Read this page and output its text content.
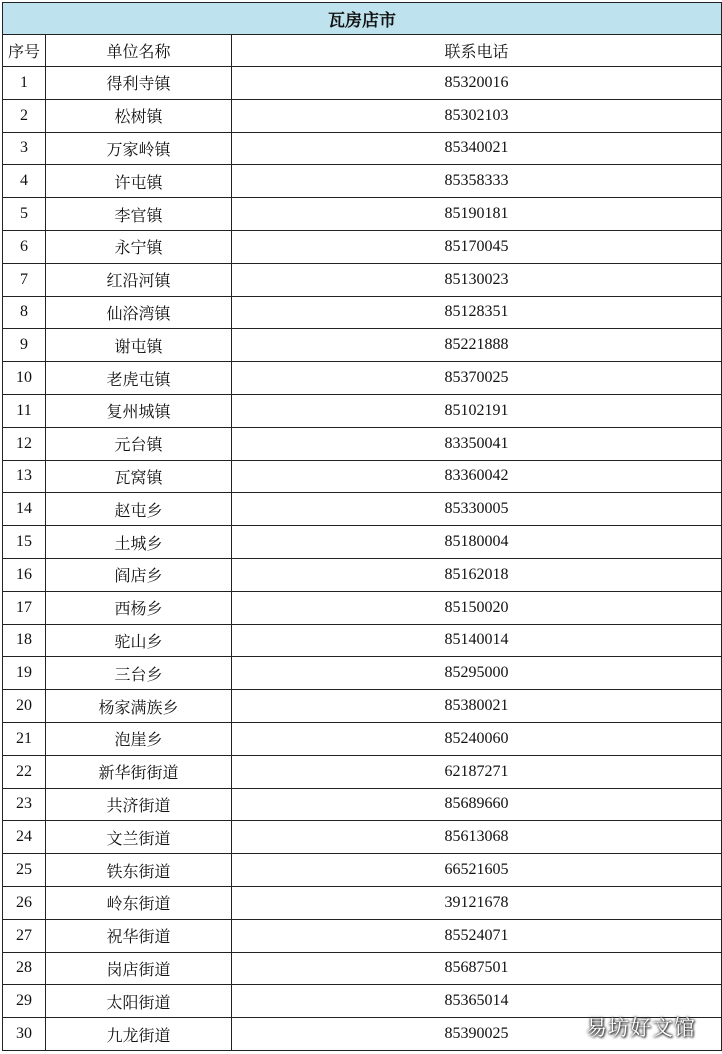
瓦房店市		
序号	单位名称	联系电话
1	得利寺镇	85320016
2	松树镇	85302103
3	万家岭镇	85340021
4	许屯镇	85358333
5	李官镇	85190181
6	永宁镇	85170045
7	红沿河镇	85130023
8	仙浴湾镇	85128351
9	谢屯镇	85221888
10	老虎屯镇	85370025
11	复州城镇	85102191
12	元台镇	83350041
13	瓦窝镇	83360042
14	赵屯乡	85330005
15	土城乡	85180004
16	阎店乡	85162018
17	西杨乡	85150020
18	驼山乡	85140014
19	三台乡	85295000
20	杨家满族乡	85380021
21	泡崖乡	85240060
22	新华街街道	62187271
23	共济街道	85689660
24	文兰街道	85613068
25	铁东街道	66521605
26	岭东街道	39121678
27	祝华街道	85524071
28	岗店街道	85687501
29	太阳街道	85365014
30	九龙街道	85390025	易坊好文馆
